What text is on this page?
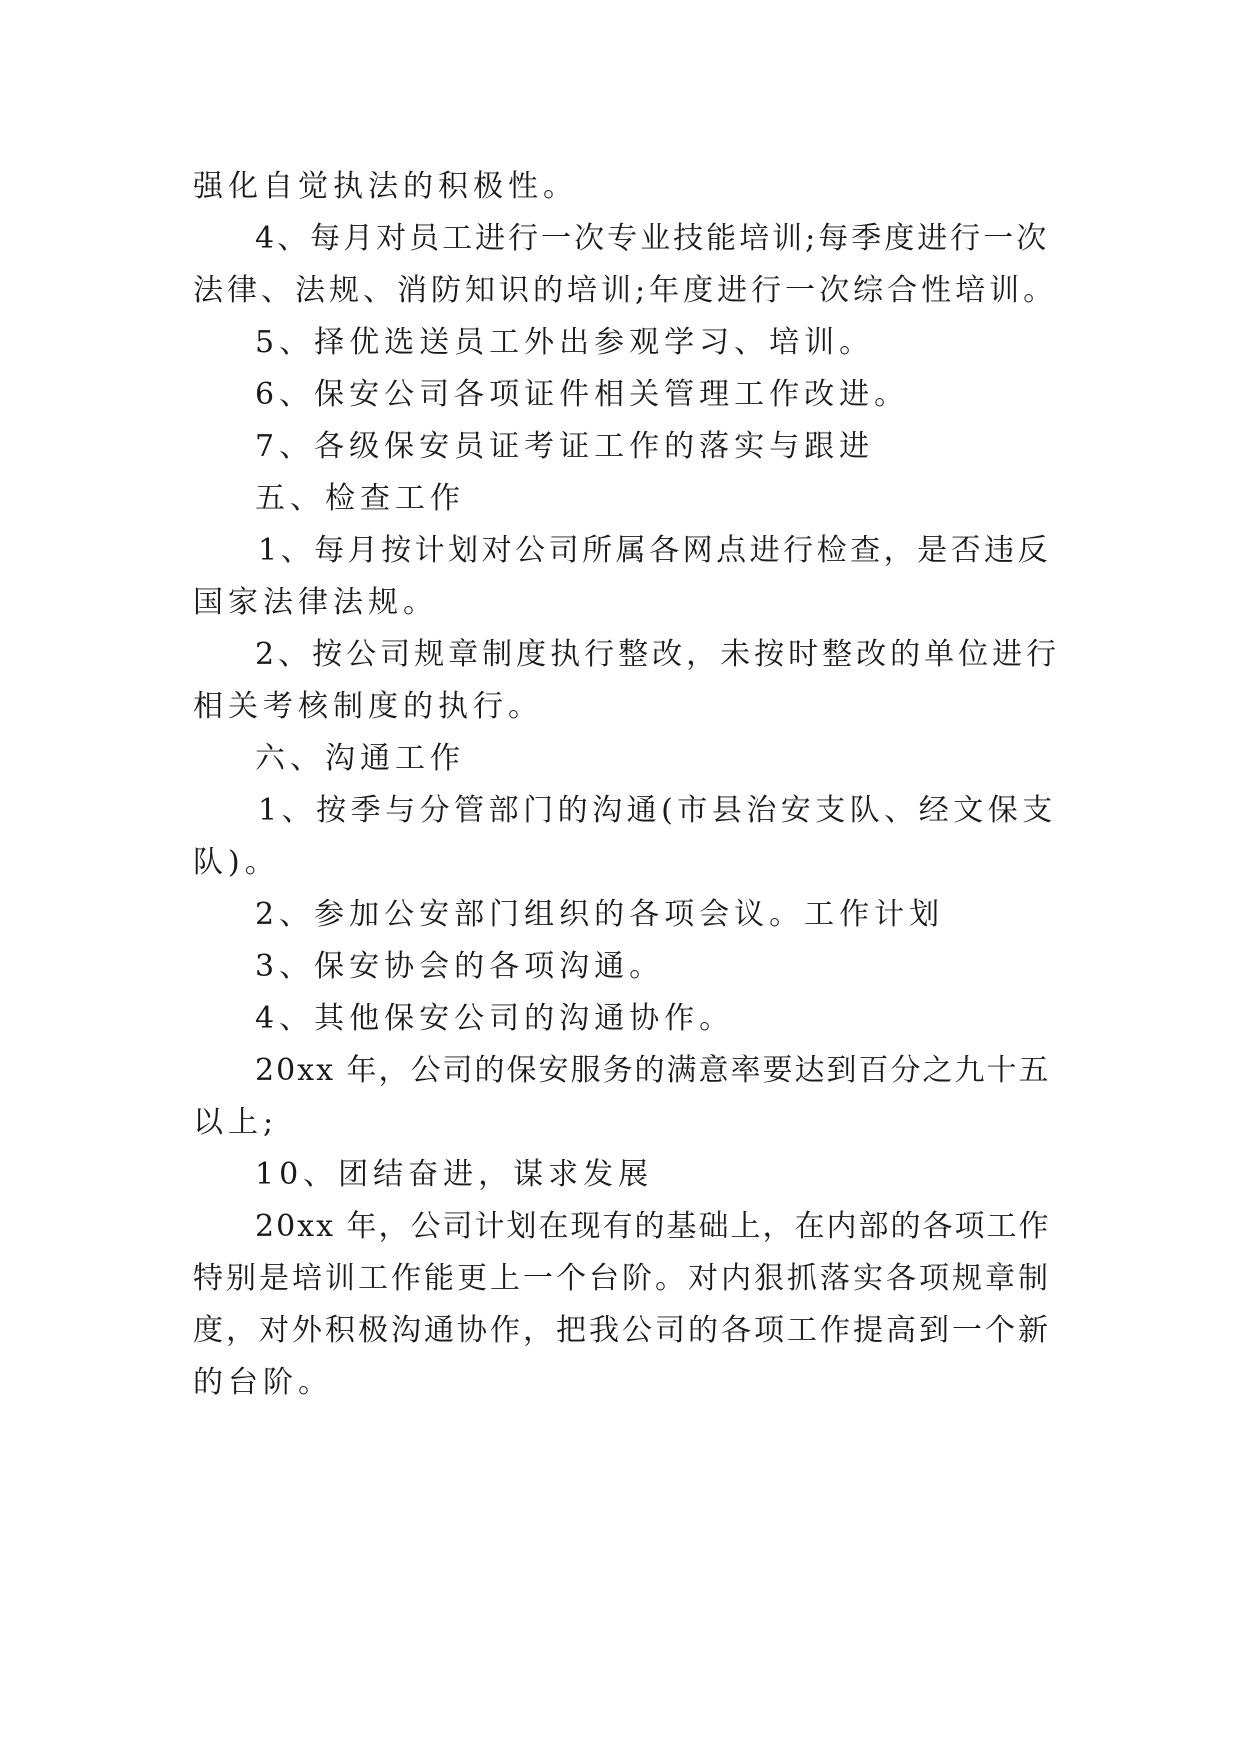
强化自觉执法的积极性。

4、每月对员工进行一次专业技能培训;每季度进行一次

法律、法规、消防知识的培训;年度进行一次综合性培训。

5、择优选送员工外出参观学习、培训。

6、保安公司各项证件相关管理工作改进。

7、各级保安员证考证工作的落实与跟进

五、检查工作

1、每月按计划对公司所属各网点进行检查，是否违反

国家法律法规。

2、按公司规章制度执行整改，未按时整改的单位进行

相关考核制度的执行。

六、沟通工作

1、按季与分管部门的沟通(市县治安支队、经文保支

队)。

2、参加公安部门组织的各项会议。工作计划

3、保安协会的各项沟通。

4、其他保安公司的沟通协作。

20xx 年，公司的保安服务的满意率要达到百分之九十五

以上;

10、团结奋进，谋求发展

20xx 年，公司计划在现有的基础上，在内部的各项工作

特别是培训工作能更上一个台阶。对内狠抓落实各项规章制

度，对外积极沟通协作，把我公司的各项工作提高到一个新

的台阶。
